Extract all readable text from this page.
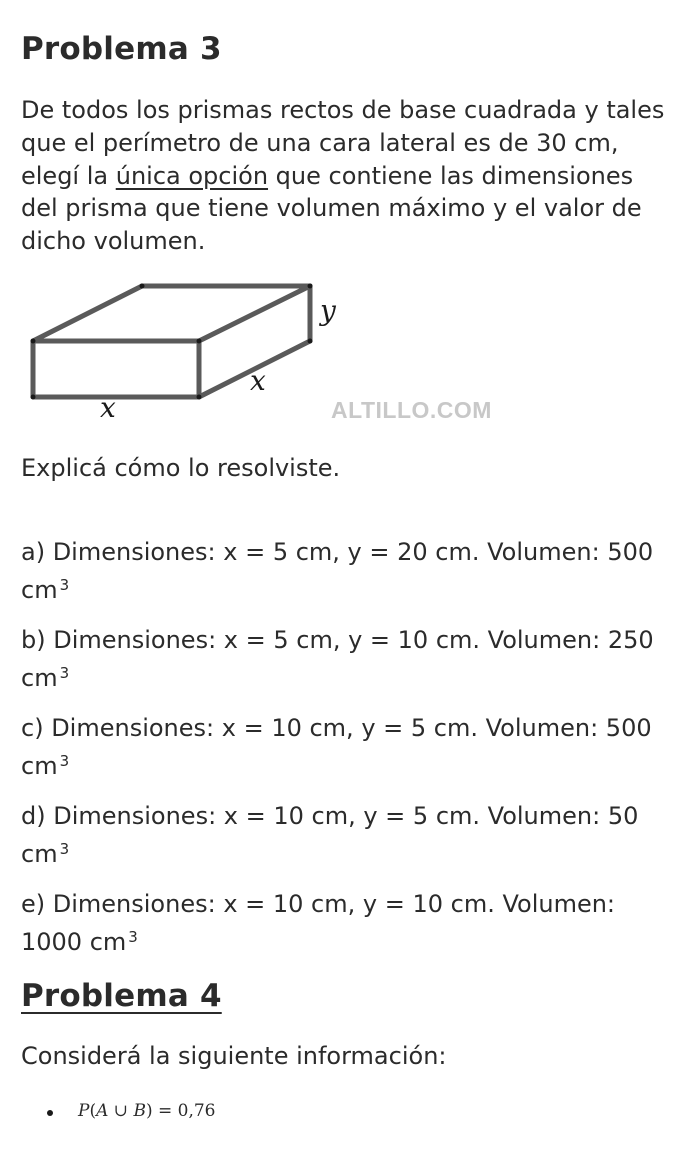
Problema 3
De todos los prismas rectos de base cuadrada y tales
que el perímetro de una cara lateral es de 30 cm,
elegí la única opción que contiene las dimensiones
del prisma que tiene volumen máximo y el valor de
dicho volumen.
y
x
x	ALTILLO.COM
Explicá cómo lo resolviste.
a) Dimensiones: x = 5 cm, y = 20 cm. Volumen: 500
cm $^3$
b) Dimensiones: x = 5 cm, y = 10 cm. Volumen: 250
cm $^3$
c) Dimensiones: x = 10 cm, y = 5 cm. Volumen: 500
cm $^3$
d) Dimensiones: x = 10 cm, y = 5 cm. Volumen: 50
cm $^3$
e) Dimensiones: x = 10 cm, y = 10 cm. Volumen:
1000 cm $^3$
Problema 4
Considerá la siguiente información:
P(A ∪ B) = 0,76
